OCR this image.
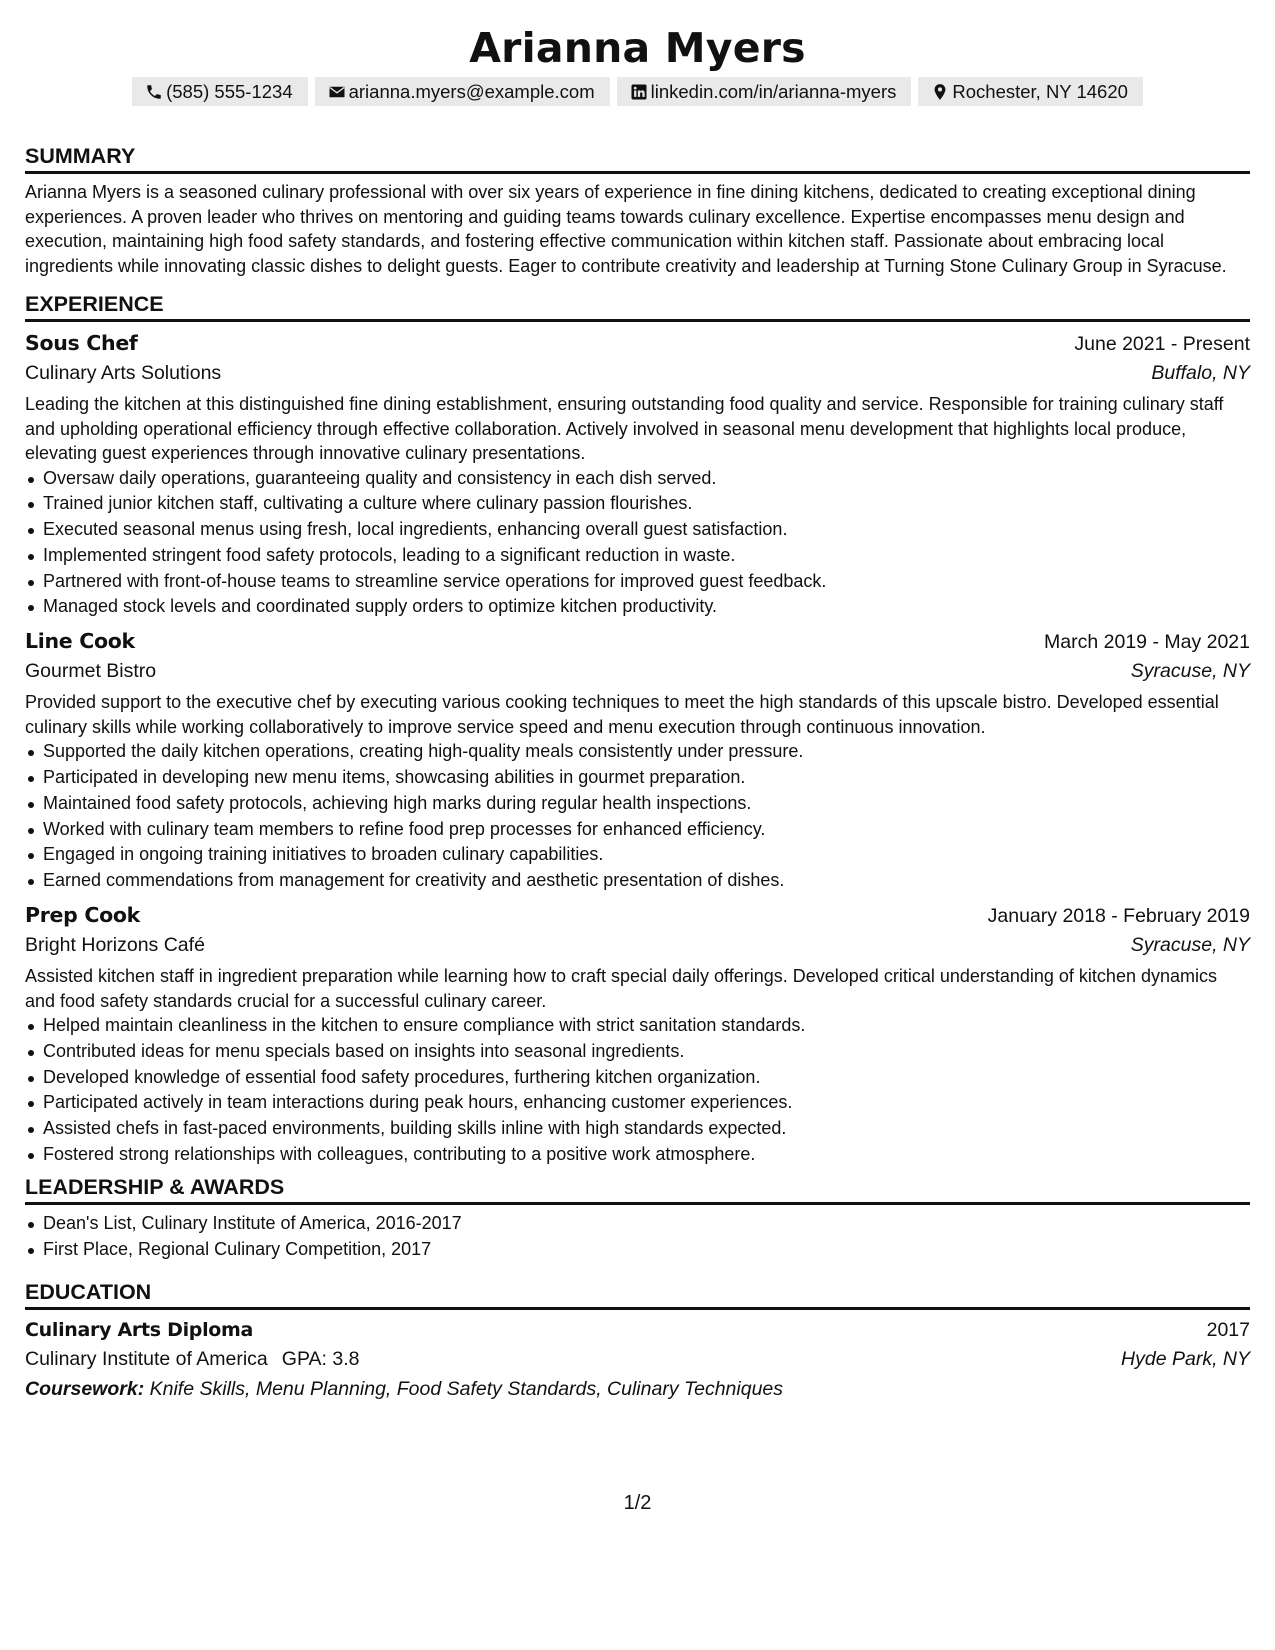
Arianna Myers
(585) 555-1234	arianna.myers@example.com	linkedin.com/in/arianna-myers	Rochester, NY 14620
SUMMARY
Arianna Myers is a seasoned culinary professional with over six years of experience in fine dining kitchens, dedicated to creating exceptional dining experiences. A proven leader who thrives on mentoring and guiding teams towards culinary excellence. Expertise encompasses menu design and execution, maintaining high food safety standards, and fostering effective communication within kitchen staff. Passionate about embracing local ingredients while innovating classic dishes to delight guests. Eager to contribute creativity and leadership at Turning Stone Culinary Group in Syracuse.
EXPERIENCE
Sous Chef	June 2021 - Present
Culinary Arts Solutions	Buffalo, NY
Leading the kitchen at this distinguished fine dining establishment, ensuring outstanding food quality and service. Responsible for training culinary staff and upholding operational efficiency through effective collaboration. Actively involved in seasonal menu development that highlights local produce, elevating guest experiences through innovative culinary presentations.
Oversaw daily operations, guaranteeing quality and consistency in each dish served.
Trained junior kitchen staff, cultivating a culture where culinary passion flourishes.
Executed seasonal menus using fresh, local ingredients, enhancing overall guest satisfaction.
Implemented stringent food safety protocols, leading to a significant reduction in waste.
Partnered with front-of-house teams to streamline service operations for improved guest feedback.
Managed stock levels and coordinated supply orders to optimize kitchen productivity.
Line Cook	March 2019 - May 2021
Gourmet Bistro	Syracuse, NY
Provided support to the executive chef by executing various cooking techniques to meet the high standards of this upscale bistro. Developed essential culinary skills while working collaboratively to improve service speed and menu execution through continuous innovation.
Supported the daily kitchen operations, creating high-quality meals consistently under pressure.
Participated in developing new menu items, showcasing abilities in gourmet preparation.
Maintained food safety protocols, achieving high marks during regular health inspections.
Worked with culinary team members to refine food prep processes for enhanced efficiency.
Engaged in ongoing training initiatives to broaden culinary capabilities.
Earned commendations from management for creativity and aesthetic presentation of dishes.
Prep Cook	January 2018 - February 2019
Bright Horizons Café	Syracuse, NY
Assisted kitchen staff in ingredient preparation while learning how to craft special daily offerings. Developed critical understanding of kitchen dynamics and food safety standards crucial for a successful culinary career.
Helped maintain cleanliness in the kitchen to ensure compliance with strict sanitation standards.
Contributed ideas for menu specials based on insights into seasonal ingredients.
Developed knowledge of essential food safety procedures, furthering kitchen organization.
Participated actively in team interactions during peak hours, enhancing customer experiences.
Assisted chefs in fast-paced environments, building skills inline with high standards expected.
Fostered strong relationships with colleagues, contributing to a positive work atmosphere.
LEADERSHIP & AWARDS
Dean's List, Culinary Institute of America, 2016-2017
First Place, Regional Culinary Competition, 2017
EDUCATION
Culinary Arts Diploma	2017
Culinary Institute of America GPA: 3.8	Hyde Park, NY
Coursework: Knife Skills, Menu Planning, Food Safety Standards, Culinary Techniques
1/2
